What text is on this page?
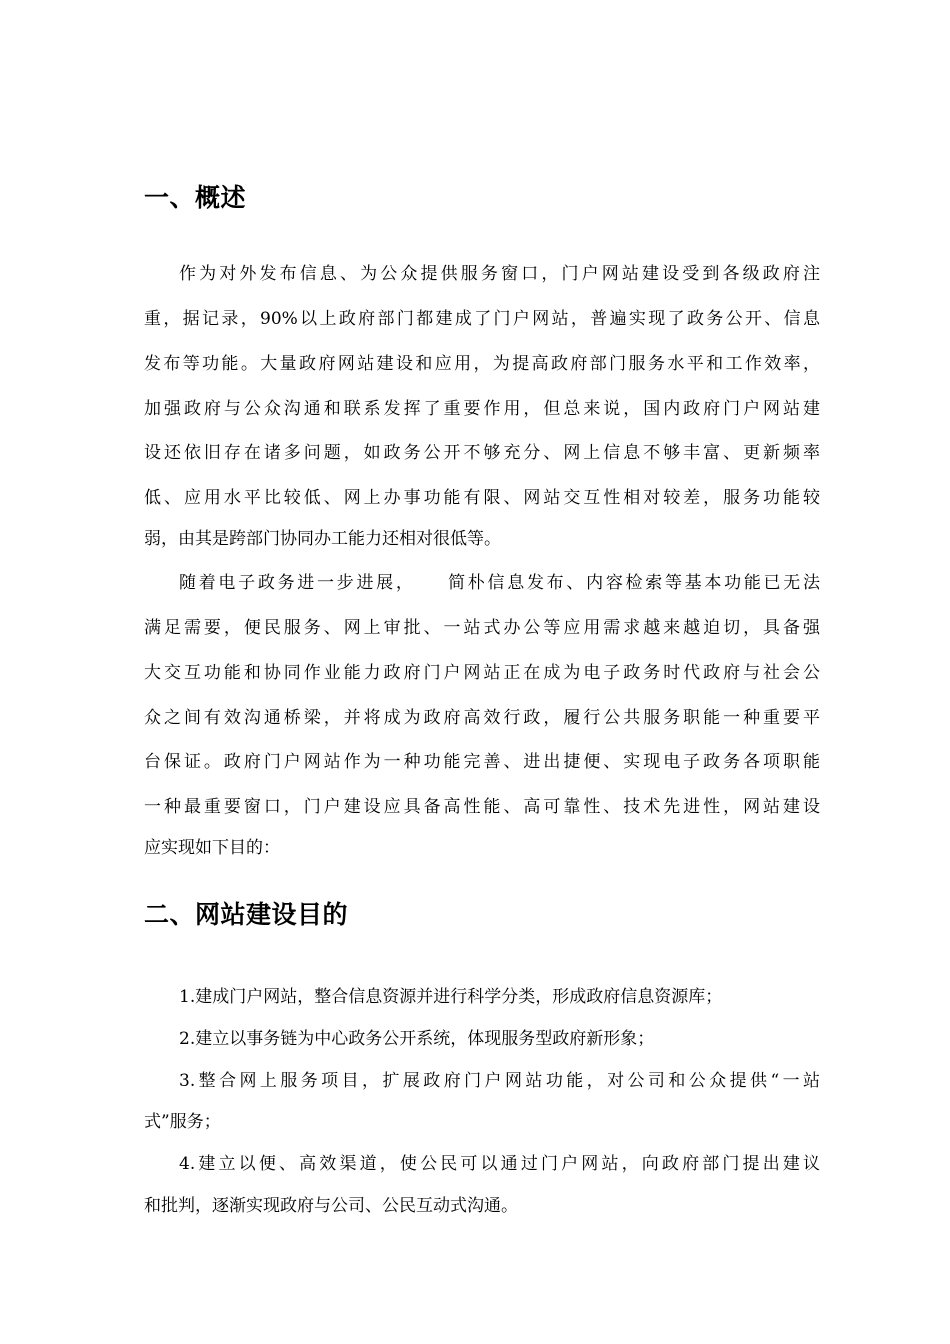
一、概述

作为对外发布信息、为公众提供服务窗口，门户网站建设受到各级政府注

重，据记录，90%以上政府部门都建成了门户网站，普遍实现了政务公开、信息

发布等功能。大量政府网站建设和应用，为提高政府部门服务水平和工作效率，

加强政府与公众沟通和联系发挥了重要作用，但总来说，国内政府门户网站建

设还依旧存在诸多问题，如政务公开不够充分、网上信息不够丰富、更新频率

低、应用水平比较低、网上办事功能有限、网站交互性相对较差，服务功能较

弱，由其是跨部门协同办工能力还相对很低等。

随着电子政务进一步进展，    简朴信息发布、内容检索等基本功能已无法

满足需要，便民服务、网上审批、一站式办公等应用需求越来越迫切，具备强

大交互功能和协同作业能力政府门户网站正在成为电子政务时代政府与社会公

众之间有效沟通桥梁，并将成为政府高效行政，履行公共服务职能一种重要平

台保证。政府门户网站作为一种功能完善、进出捷便、实现电子政务各项职能

一种最重要窗口，门户建设应具备高性能、高可靠性、技术先进性，网站建设

应实现如下目的：

二、网站建设目的

1.建成门户网站，整合信息资源并进行科学分类，形成政府信息资源库；

2.建立以事务链为中心政务公开系统，体现服务型政府新形象；

3.整合网上服务项目，扩展政府门户网站功能，对公司和公众提供“一站

式”服务；

4.建立以便、高效渠道，使公民可以通过门户网站，向政府部门提出建议

和批判，逐渐实现政府与公司、公民互动式沟通。
